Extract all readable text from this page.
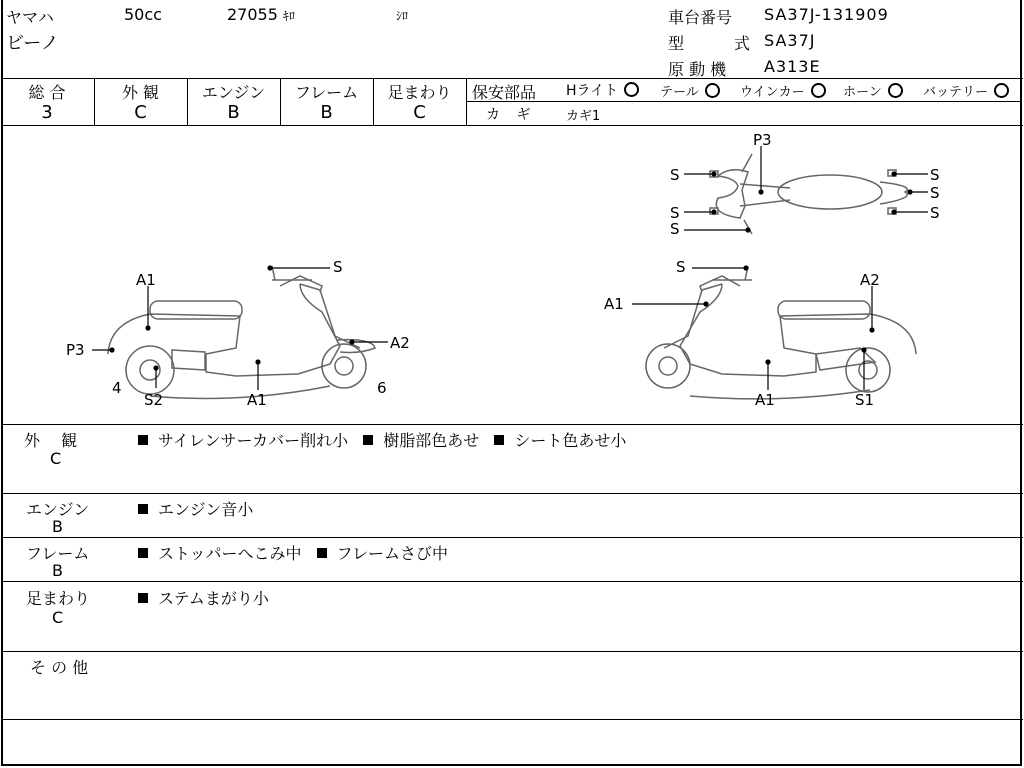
ヤマハ	50cc	27055 ｷﾛ	ｼﾛ
ビーノ
車台番号 SA37J-131909
型	式 SA37J
原 動 機 A313E
総 合
3
外 観
C
エンジン
B
フレーム
B
足まわり
C
保安部品 Hライト	テール	ウインカー	ホーン	バッテリー
カ ギ	カギ1
P3
S
S
S
S
S
S
A1
S
P3	A2
4
S2	A1
6
S
A2
A1
A1	S1
外　 観
C
サイレンサーカバー削れ小 樹脂部色あせ シート色あせ小
エンジン
B
エンジン音小
フレーム
B
ストッパーへこみ中 フレームさび中
足まわり
C
ステムまがり小
そ の 他
